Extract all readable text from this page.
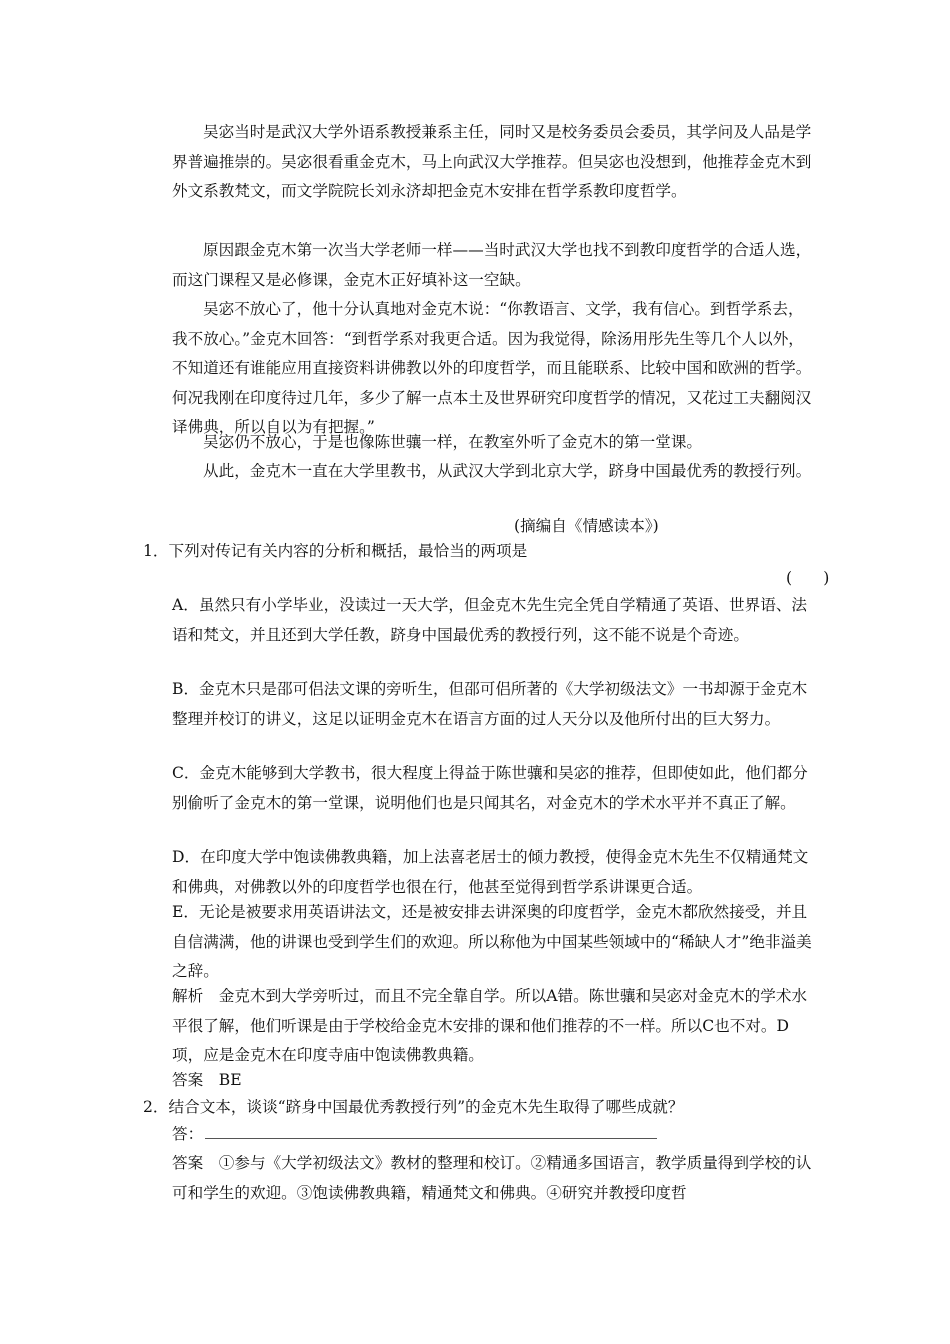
吴宓当时是武汉大学外语系教授兼系主任，同时又是校务委员会委员，其学问及人品是学界普遍推崇的。吴宓很看重金克木，马上向武汉大学推荐。但吴宓也没想到，他推荐金克木到外文系教梵文，而文学院院长刘永济却把金克木安排在哲学系教印度哲学。
原因跟金克木第一次当大学老师一样——当时武汉大学也找不到教印度哲学的合适人选，而这门课程又是必修课，金克木正好填补这一空缺。
吴宓不放心了，他十分认真地对金克木说：“你教语言、文学，我有信心。到哲学系去，我不放心。”金克木回答：“到哲学系对我更合适。因为我觉得，除汤用彤先生等几个人以外，不知道还有谁能应用直接资料讲佛教以外的印度哲学，而且能联系、比较中国和欧洲的哲学。何况我刚在印度待过几年，多少了解一点本土及世界研究印度哲学的情况，又花过工夫翻阅汉译佛典，所以自以为有把握。”
吴宓仍不放心，于是也像陈世骧一样，在教室外听了金克木的第一堂课。
从此，金克木一直在大学里教书，从武汉大学到北京大学，跻身中国最优秀的教授行列。
(摘编自《情感读本》)
1．下列对传记有关内容的分析和概括，最恰当的两项是
(　　)
A．虽然只有小学毕业，没读过一天大学，但金克木先生完全凭自学精通了英语、世界语、法语和梵文，并且还到大学任教，跻身中国最优秀的教授行列，这不能不说是个奇迹。
B．金克木只是邵可侣法文课的旁听生，但邵可侣所著的《大学初级法文》一书却源于金克木整理并校订的讲义，这足以证明金克木在语言方面的过人天分以及他所付出的巨大努力。
C．金克木能够到大学教书，很大程度上得益于陈世骧和吴宓的推荐，但即使如此，他们都分别偷听了金克木的第一堂课，说明他们也是只闻其名，对金克木的学术水平并不真正了解。
D．在印度大学中饱读佛教典籍，加上法喜老居士的倾力教授，使得金克木先生不仅精通梵文和佛典，对佛教以外的印度哲学也很在行，他甚至觉得到哲学系讲课更合适。
E．无论是被要求用英语讲法文，还是被安排去讲深奥的印度哲学，金克木都欣然接受，并且自信满满，他的讲课也受到学生们的欢迎。所以称他为中国某些领域中的“稀缺人才”绝非溢美之辞。
解析　金克木到大学旁听过，而且不完全靠自学。所以A错。陈世骧和吴宓对金克木的学术水平很了解，他们听课是由于学校给金克木安排的课和他们推荐的不一样。所以C也不对。D项，应是金克木在印度寺庙中饱读佛教典籍。
答案　BE
2．结合文本，谈谈“跻身中国最优秀教授行列”的金克木先生取得了哪些成就？
答：
答案　①参与《大学初级法文》教材的整理和校订。②精通多国语言，教学质量得到学校的认可和学生的欢迎。③饱读佛教典籍，精通梵文和佛典。④研究并教授印度哲
